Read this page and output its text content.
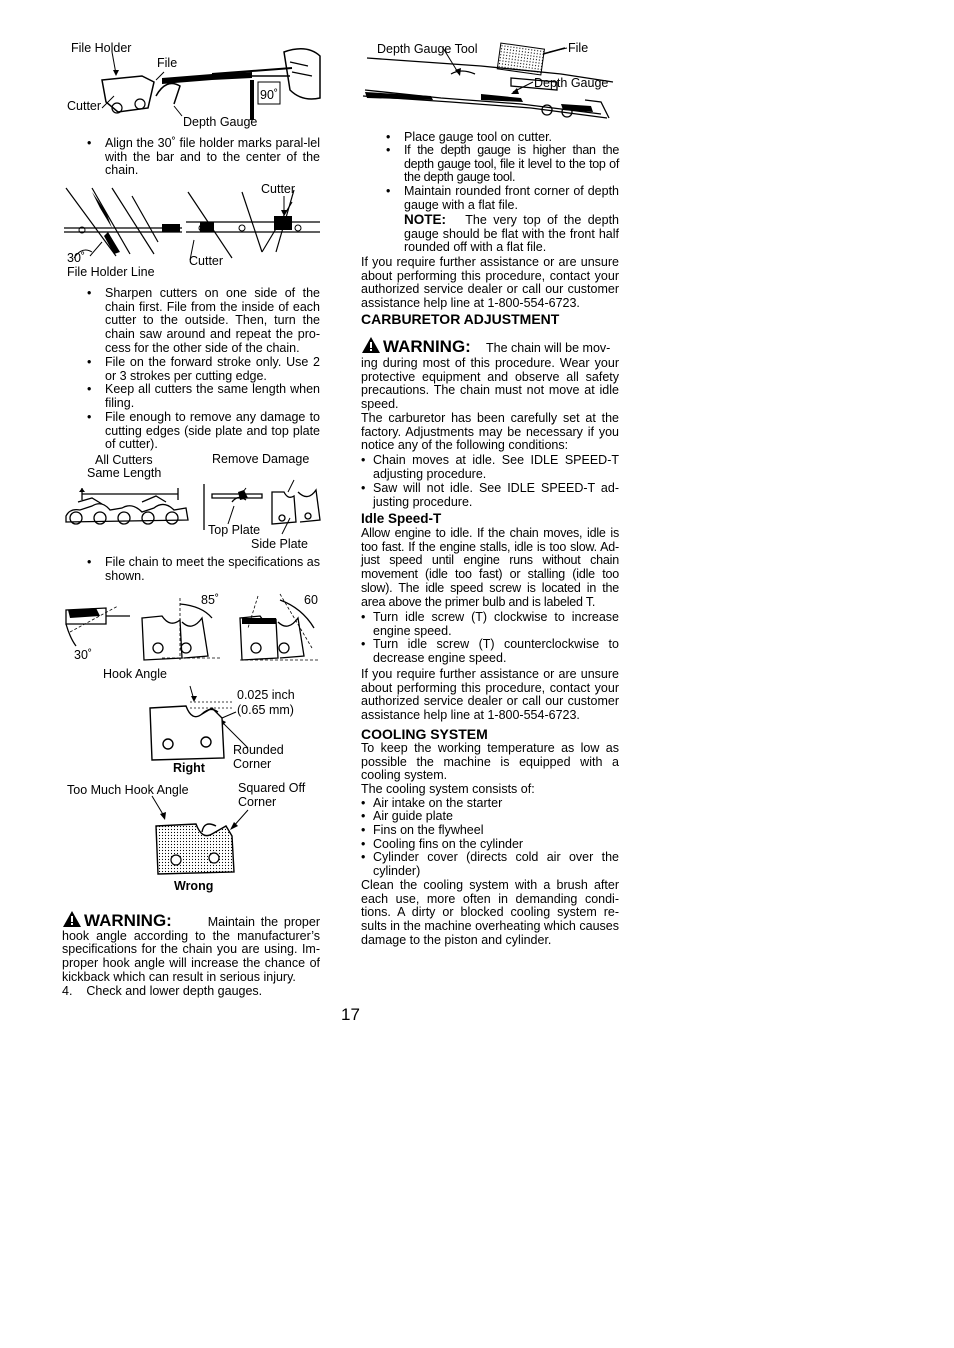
File Holder
File
Cutter
Depth Gauge
90˚
• Align the 30˚ file holder marks paral-lel with the bar and to the center of the chain.
Cutter
30˚
File Holder Line
Cutter
• Sharpen cutters on one side of the chain first. File from the inside of each cutter to the outside. Then, turn the chain saw around and repeat the pro-cess for the other side of the chain.
• File on the forward stroke only. Use 2 or 3 strokes per cutting edge.
• Keep all cutters the same length when filing.
• File enough to remove any damage to cutting edges (side plate and top plate of cutter).
All Cutters
Same Length
Remove Damage
Top Plate
Side Plate
• File chain to meet the specifications as shown.
85˚	60
30˚
Hook Angle
0.025 inch
(0.65 mm)
Rounded
Corner
Right
Too Much Hook Angle	Squared Off
Corner
Wrong
WARNING:	Maintain the proper hook angle according to the manufacturer’s specifications for the chain you are using. Im-proper hook angle will increase the chance of kickback which can result in serious injury.
4. Check and lower depth gauges.
Depth Gauge Tool	File
Depth Gauge
• Place gauge tool on cutter.
• If the depth gauge is higher than the depth gauge tool, file it level to the top of the depth gauge tool.
• Maintain rounded front corner of depth gauge with a flat file.
NOTE: The very top of the depth gauge should be flat with the front half rounded off with a flat file.
If you require further assistance or are unsure about performing this procedure, contact your authorized service dealer or call our customer assistance help line at 1-800-554-6723.
CARBURETOR ADJUSTMENT
WARNING: The chain will be mov-
ing during most of this procedure. Wear your protective equipment and observe all safety precautions. The chain must not move at idle speed.
The carburetor has been carefully set at the factory. Adjustments may be necessary if you notice any of the following conditions:
• Chain moves at idle. See IDLE SPEED-T adjusting procedure.
• Saw will not idle. See IDLE SPEED-T ad-justing procedure.
Idle Speed-T
Allow engine to idle. If the chain moves, idle is too fast. If the engine stalls, idle is too slow. Ad-just speed until engine runs without chain movement (idle too fast) or stalling (idle too slow). The idle speed screw is located in the area above the primer bulb and is labeled T.
• Turn idle screw (T) clockwise to increase engine speed.
• Turn idle screw (T) counterclockwise to decrease engine speed.
If you require further assistance or are unsure about performing this procedure, contact your authorized service dealer or call our customer assistance help line at 1-800-554-6723.
COOLING SYSTEM
To keep the working temperature as low as possible the machine is equipped with a cooling system.
The cooling system consists of:
• Air intake on the starter
• Air guide plate
• Fins on the flywheel
• Cooling fins on the cylinder
• Cylinder cover (directs cold air over the cylinder)
Clean the cooling system with a brush after each use, more often in demanding condi-tions. A dirty or blocked cooling system re-sults in the machine overheating which causes damage to the piston and cylinder.
17
